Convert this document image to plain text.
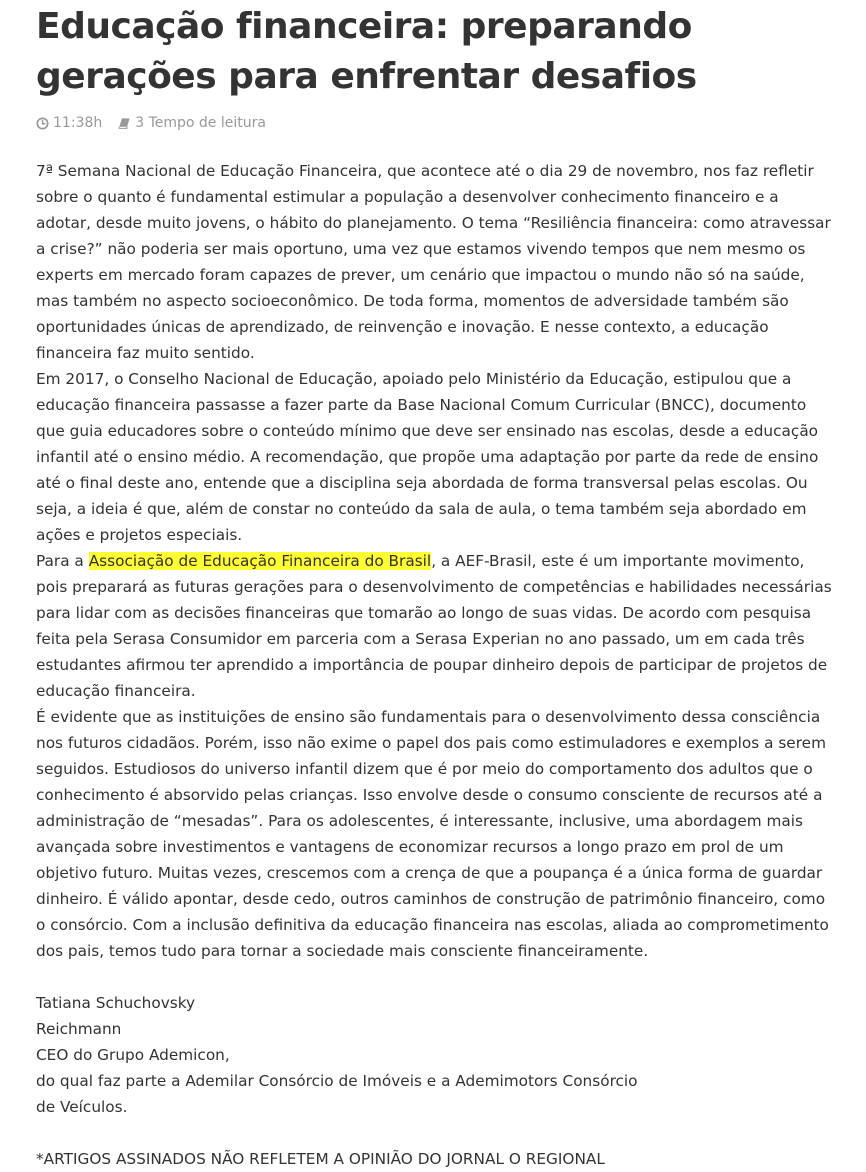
Educação financeira: preparando gerações para enfrentar desafios
11:38h 3 Tempo de leitura

7ª Semana Nacional de Educação Financeira, que acontece até o dia 29 de novembro, nos faz refletir sobre o quanto é fundamental estimular a população a desenvolver conhecimento financeiro e a adotar, desde muito jovens, o hábito do planejamento. O tema “Resiliência financeira: como atravessar a crise?” não poderia ser mais oportuno, uma vez que estamos vivendo tempos que nem mesmo os experts em mercado foram capazes de prever, um cenário que impactou o mundo não só na saúde, mas também no aspecto socioeconômico. De toda forma, momentos de adversidade também são oportunidades únicas de aprendizado, de reinvenção e inovação. E nesse contexto, a educação financeira faz muito sentido.

Em 2017, o Conselho Nacional de Educação, apoiado pelo Ministério da Educação, estipulou que a educação financeira passasse a fazer parte da Base Nacional Comum Curricular (BNCC), documento que guia educadores sobre o conteúdo mínimo que deve ser ensinado nas escolas, desde a educação infantil até o ensino médio. A recomendação, que propõe uma adaptação por parte da rede de ensino até o final deste ano, entende que a disciplina seja abordada de forma transversal pelas escolas. Ou seja, a ideia é que, além de constar no conteúdo da sala de aula, o tema também seja abordado em ações e projetos especiais.

Para a Associação de Educação Financeira do Brasil, a AEF-Brasil, este é um importante movimento, pois preparará as futuras gerações para o desenvolvimento de competências e habilidades necessárias para lidar com as decisões financeiras que tomarão ao longo de suas vidas. De acordo com pesquisa feita pela Serasa Consumidor em parceria com a Serasa Experian no ano passado, um em cada três estudantes afirmou ter aprendido a importância de poupar dinheiro depois de participar de projetos de educação financeira.

É evidente que as instituições de ensino são fundamentais para o desenvolvimento dessa consciência nos futuros cidadãos. Porém, isso não exime o papel dos pais como estimuladores e exemplos a serem seguidos. Estudiosos do universo infantil dizem que é por meio do comportamento dos adultos que o conhecimento é absorvido pelas crianças. Isso envolve desde o consumo consciente de recursos até a administração de “mesadas”. Para os adolescentes, é interessante, inclusive, uma abordagem mais avançada sobre investimentos e vantagens de economizar recursos a longo prazo em prol de um objetivo futuro. Muitas vezes, crescemos com a crença de que a poupança é a única forma de guardar dinheiro. É válido apontar, desde cedo, outros caminhos de construção de patrimônio financeiro, como o consórcio. Com a inclusão definitiva da educação financeira nas escolas, aliada ao comprometimento dos pais, temos tudo para tornar a sociedade mais consciente financeiramente.

Tatiana Schuchovsky

Reichmann

CEO do Grupo Ademicon,

do qual faz parte a Ademilar Consórcio de Imóveis e a Ademimotors Consórcio

de Veículos.

*ARTIGOS ASSINADOS NÃO REFLETEM A OPINIÃO DO JORNAL O REGIONAL
